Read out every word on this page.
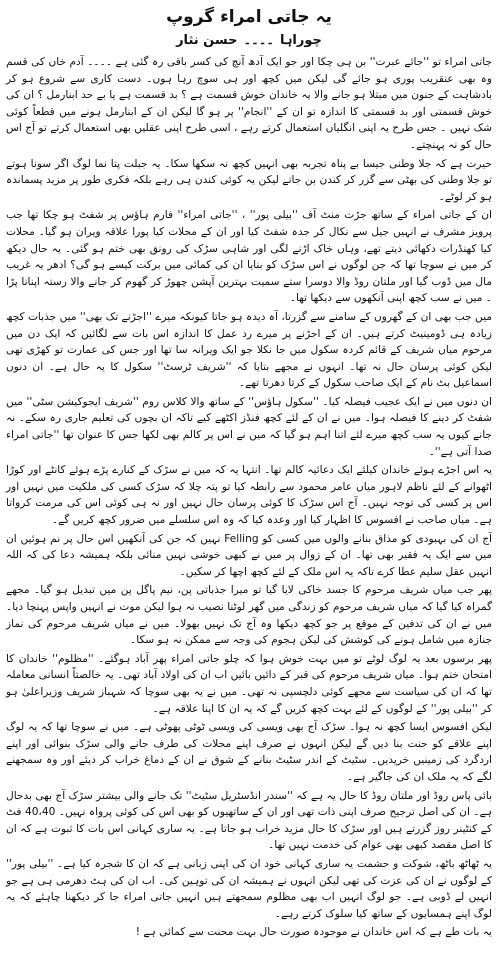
یہ جاتی امراء گروپ
چوراہا۔۔۔۔حسن نثار

جاتی امراء تو ''جائے عبرت'' بن ہی چکا اور جو ایک آدھ آنچ کی کسر باقی رہ گئی ہے ۔۔۔۔ آدم خاں کی قسم وہ بھی عنقریب پوری ہو جائے گی لیکن میں کچھ اور ہی سوچ رہا ہوں۔ دست کاری سے شروع ہو کر بادشاہت کے جنون میں مبتلا ہو جانے والا یہ خاندان خوش قسمت ہے ؟ بد قسمت ہے یا بے حد ابنارمل ؟ ان کی خوش قسمتی اور بد قسمتی کا اندازہ تو ان کے ''انجام'' پر ہو گا لیکن ان کے ابنارمل ہونے میں قطعاً کوئی شک نہیں ۔ جس طرح یہ اپنی انگلیاں استعمال کرتے رہے ، اسی طرح اپنی عقلیں بھی استعمال کرتے تو آج اس حال کو نہ پہنچتے۔

حیرت ہے کہ جلا وطنی جیسا بے پناہ تجربہ بھی انہیں کچھ نہ سکھا سکا۔ یہ جبلت پتا نما لوگ اگر سونا ہوتے تو جلا وطنی کی بھٹی سے گزر کر کندن بن جاتے لیکن یہ کوئی کندن ہی رہے بلکہ فکری طور پر مزید پسماندہ ہو کر لوٹے۔

ان کے جاتی امراء کے ساتھ جڑت منٹ آف ''بیلی پور'' ، ''جاتی امراء'' فارم ہاؤس پر شفٹ ہو چکا تھا جب پرویز مشرف نے انہیں جیل سے نکال کر جدہ شفٹ کیا اور ان کے محلات کیا پورا علاقہ ویران ہو گیا۔ محلات کیا کھنڈرات دکھائی دیتے تھے، وہاں خاک اڑنے لگی اور شاہی سڑک کی رونق بھی ختم ہو گئی۔ یہ حال دیکھ کر میں نے سوچا تھا کہ جن لوگوں نے اس سڑک کو بنایا ان کی کمائی میں برکت کیسے ہو گی؟ ادھر یہ غریب مال میں ڈوب گیا اور ملتان روڈ والا دوسرا ستے سمیت بہترین آپشن چھوڑ کر گھوم کر جانے والا رستہ اپنانا پڑا ۔ میں نے سب کچھ اپنی آنکھوں سے دیکھا تھا۔

میں جب بھی ان کے گھروں کے سامنے سے گزرتا، آہ دیدہ ہو جاتا کیونکہ میرے ''اجڑنے تک بھی'' میں جذبات کچھ زیادہ ہی ڈومینیٹ کرتے ہیں۔ ان کے اجڑنے پر میرے رد عمل کا اندازہ اس بات سے لگائیں کہ ایک دن میں مرحوم میاں شریف کے قائم کردہ سکول میں جا نکلا جو ایک ویرانہ سا تھا اور جس کی عمارت تو کھڑی تھی لیکن کوئی پرسان حال نہ تھا۔ انہوں نے مجھے بتایا کہ ''شریف ٹرسٹ'' سکول کا یہ حال ہے۔ ان دنوں اسماعیل بٹ نام کے ایک صاحب سکول کے کرتا دھرتا تھے۔

ان دنوں میں نے ایک عجیب فیصلہ کیا۔ ''سکول ہاؤس'' کے ساتھ والا کلاس روم ''شریف ایجوکیشن سٹی'' میں شفٹ کر دینے کا فیصلہ ہوا۔ میں نے ان کے لئے کچھ فنڈز اکٹھے کیے تاکہ ان بچوں کی تعلیم جاری رہ سکے۔ نہ جانے کیوں یہ سب کچھ میرے لئے اتنا اہم ہو گیا کہ میں نے اس پر کالم بھی لکھا جس کا عنوان تھا ''جاتی امراء صدا آتی ہے''۔

یہ اس اجڑے ہوئے خاندان کیلئے ایک دعائیہ کالم تھا۔ انتہا یہ کہ میں نے سڑک کے کنارے پڑے ہوئے کانٹے اور کوڑا اٹھوانے کے لئے ناظم لاہور میاں عامر محمود سے رابطہ کیا تو پتہ چلا کہ سڑک کسی کی ملکیت میں نہیں اور اس پر کسی کی توجہ نہیں۔ آج اس سڑک کا کوئی پرسان حال نہیں اور نہ ہی کوئی اس کی مرمت کرواتا ہے۔ میاں صاحب نے افسوس کا اظہار کیا اور وعدہ کیا کہ وہ اس سلسلے میں ضرور کچھ کریں گے۔

آج ان کی بہبودی کو مذاق بنانے والوں میں کسی کو Felling نہیں کہ جن کی آنکھیں اس حال پر نم ہوئیں ان میں سے ایک یہ فقیر بھی تھا۔ ان کے زوال پر میں نے کبھی خوشی نہیں منائی بلکہ ہمیشہ دعا کی کہ اللہ انہیں عقل سلیم عطا کرے تاکہ یہ اس ملک کے لئے کچھ اچھا کر سکیں۔

پھر جب میاں شریف مرحوم کا جسد خاکی لایا گیا تو میرا جذباتی پن، نیم پاگل پن میں تبدیل ہو گیا۔ مجھے گمراہ کیا گیا کہ میاں شریف مرحوم کو زندگی میں گھر لوٹنا نصیب نہ ہوا لیکن موت نے انہیں واپس پہنچا دیا۔ میں نے ان کی تدفین کے موقع پر جو کچھ دیکھا وہ آج تک نہیں بھولا۔ میں نے میاں شریف مرحوم کی نماز جنازہ میں شامل ہونے کی کوشش کی لیکن ہجوم کی وجہ سے ممکن نہ ہو سکا۔

پھر برسوں بعد یہ لوگ لوٹے تو میں بہت خوش ہوا کہ چلو جاتی امراء پھر آباد ہوگئے۔ ''مظلوم'' خاندان کا امتحان ختم ہوا۔ میاں شریف مرحوم کی قبر کے دائیں بائیں اب ان کی اولاد آباد تھی۔ یہ خالصتاً انسانی معاملہ تھا کہ ان کی سیاست سے مجھے کوئی دلچسپی نہ تھی۔ میں نے یہ بھی سوچا کہ شہباز شریف وزیراعلیٰ ہو کر ''بیلی پور'' کے لوگوں کے لئے بہت کچھ کریں گے کہ یہ ان کا اپنا علاقہ ہے۔

لیکن افسوس ایسا کچھ نہ ہوا۔ سڑک آج بھی ویسی کی ویسی ٹوٹی پھوٹی ہے۔ میں نے سوچا تھا کہ یہ لوگ اپنے علاقے کو جنت بنا دیں گے لیکن انہوں نے صرف اپنے محلات کی طرف جانے والی سڑک بنوائی اور اپنے اردگرد کی زمینیں خریدیں۔ سٹیٹ کے اندر سٹیٹ بنانے کے شوق نے ان کے دماغ خراب کر دیئے اور وہ سمجھنے لگے کہ یہ ملک ان کی جاگیر ہے۔

بائی پاس روڈ اور ملتان روڈ کا حال یہ ہے کہ ''سندر انڈسٹریل سٹیٹ'' تک جانے والی بیشتر سڑک آج بھی بدحال ہے۔ ان کی اصل ترجیح صرف اپنی ذات تھی اور ان کے ساتھیوں کو بھی اس کی کوئی پرواہ نہیں۔ 40،40 فٹ کے کنٹینر روز گزرتے ہیں اور سڑک کا حال مزید خراب ہو جاتا ہے۔ یہ ساری کہانی اس بات کا ثبوت ہے کہ ان کا اصل مقصد کبھی بھی عوام کی خدمت نہیں تھا۔

یہ ٹھاٹھ باٹھ، شوکت و حشمت یہ ساری کہانی خود ان کی اپنی زبانی ہے کہ ان کا شجرہ کیا ہے۔ ''بیلی پور'' کے لوگوں نے ان کی عزت کی تھی لیکن انہوں نے ہمیشہ ان کی توہین کی۔ اب ان کی ہٹ دھرمی ہی ہے جو انہیں لے ڈوبی ہے۔ جو لوگ انہیں اب بھی مظلوم سمجھتے ہیں انہیں جاتی امراء جا کر دیکھنا چاہئے کہ یہ لوگ اپنے ہمسایوں کے ساتھ کیا سلوک کرتے رہے۔

یہ بات طے ہے کہ اس خاندان نے موجودہ صورت حال بہت محنت سے کمائی ہے !
